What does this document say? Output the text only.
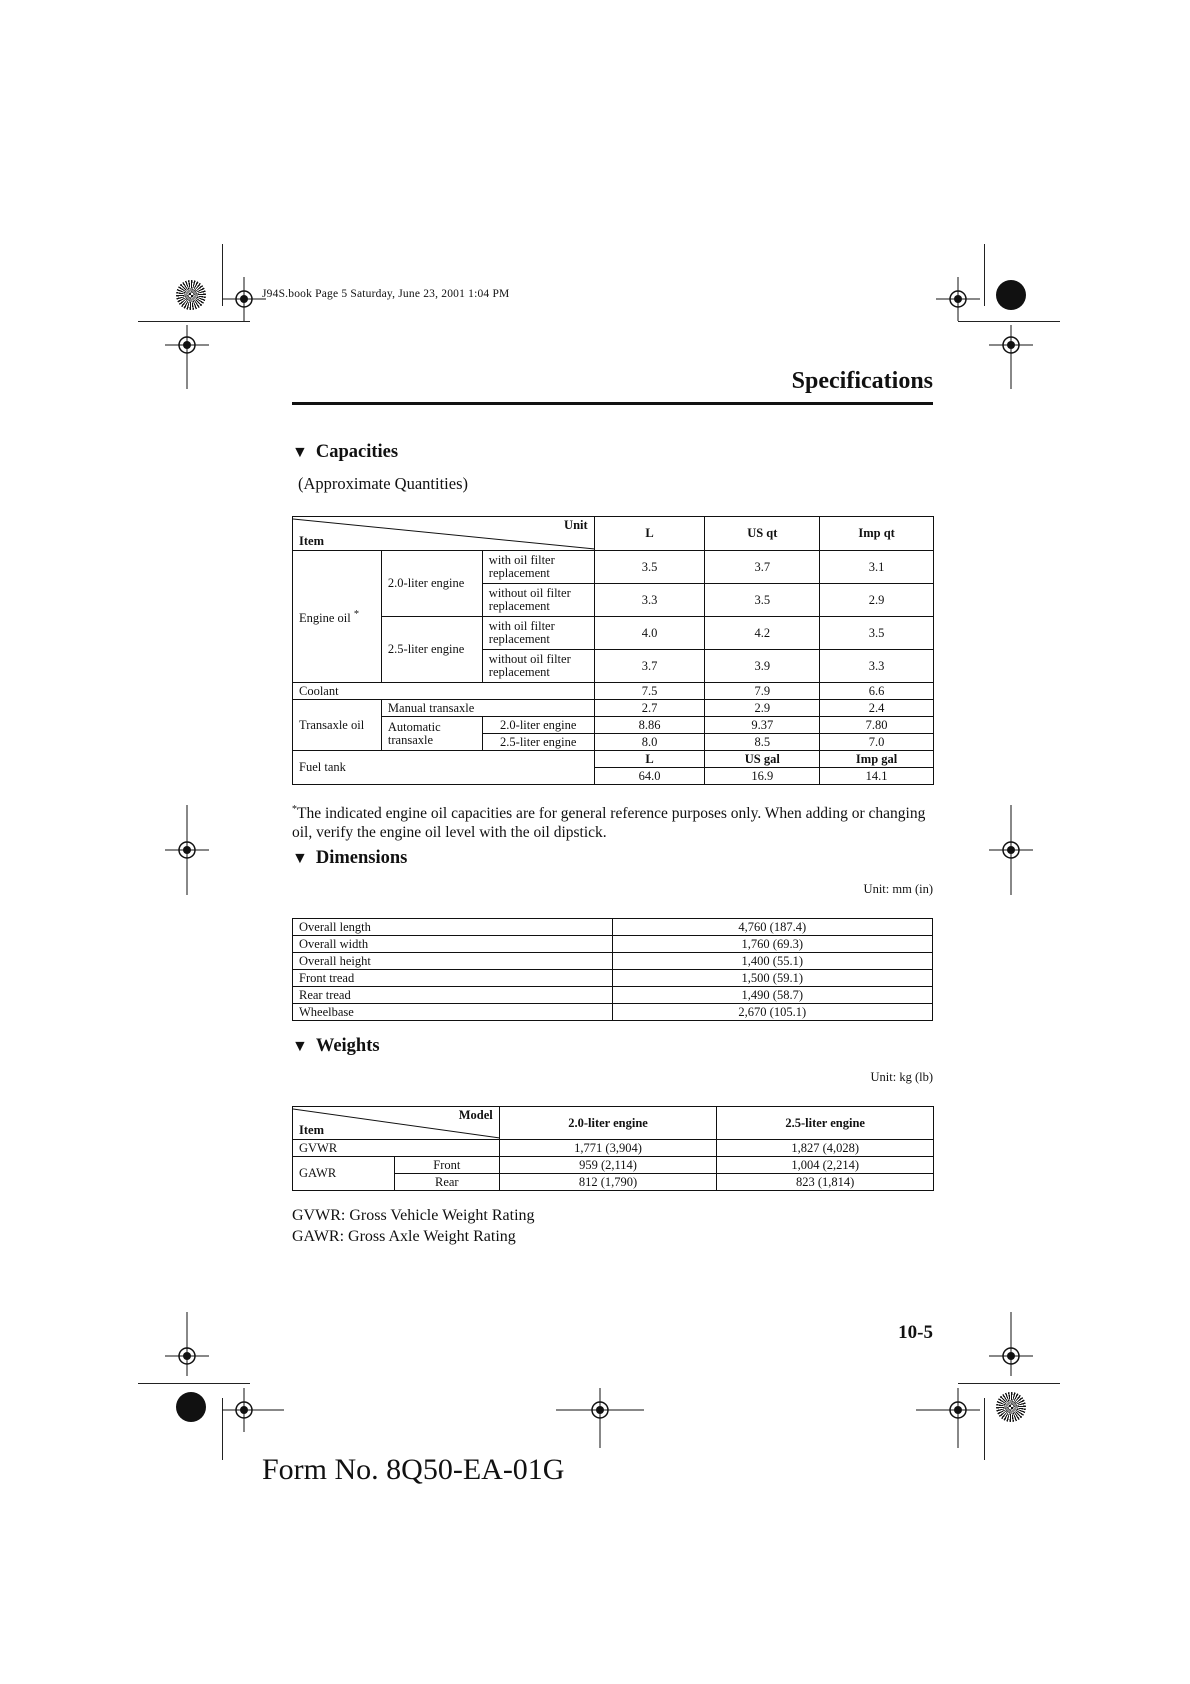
J94S.book Page 5 Saturday, June 23, 2001 1:04 PM
Specifications
▼ Capacities
(Approximate Quantities)
Unit
Item			L	US qt	Imp qt
Engine oil *	2.0-liter engine	with oil filter
replacement	3.5	3.7	3.1
		without oil filter
replacement	3.3	3.5	2.9
	2.5-liter engine	with oil filter
replacement	4.0	4.2	3.5
		without oil filter
replacement	3.7	3.9	3.3
Coolant			7.5	7.9	6.6
Transaxle oil	Manual transaxle		2.7	2.9	2.4
	Automatic
transaxle	2.0-liter engine	8.86	9.37	7.80
		2.5-liter engine	8.0	8.5	7.0
Fuel tank			L	US gal	Imp gal
			64.0	16.9	14.1
*The indicated engine oil capacities are for general reference purposes only. When adding or changing oil, verify the engine oil level with the oil dipstick.
▼ Dimensions
Unit: mm (in)
Overall length	4,760 (187.4)
Overall width	1,760 (69.3)
Overall height	1,400 (55.1)
Front tread	1,500 (59.1)
Rear tread	1,490 (58.7)
Wheelbase	2,670 (105.1)
▼ Weights
Unit: kg (lb)
Model
Item		2.0-liter engine	2.5-liter engine
GVWR		1,771 (3,904)	1,827 (4,028)
GAWR	Front	959 (2,114)	1,004 (2,214)
	Rear	812 (1,790)	823 (1,814)
GVWR: Gross Vehicle Weight Rating
GAWR: Gross Axle Weight Rating
10-5
Form No. 8Q50-EA-01G
